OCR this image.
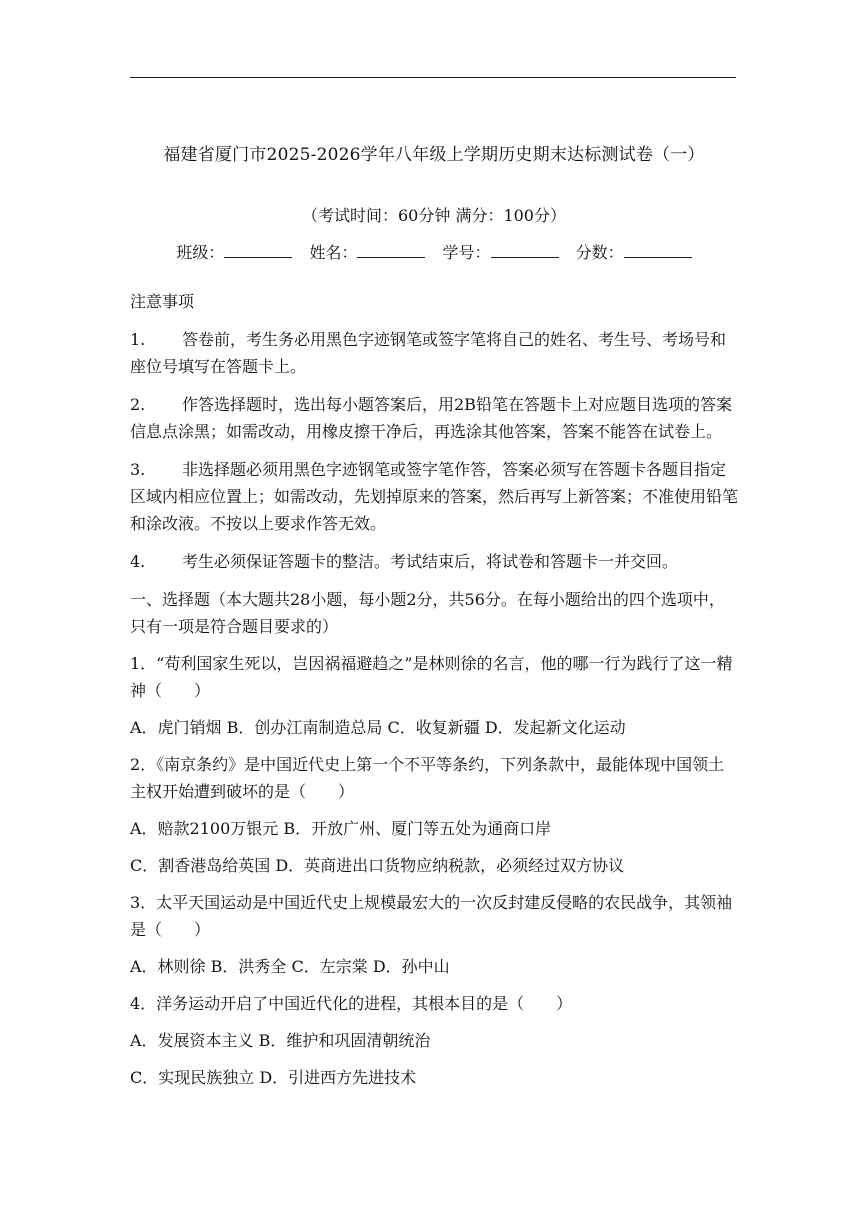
福建省厦门市2025-2026学年八年级上学期历史期末达标测试卷（一）
（考试时间：60分钟 满分：100分）
班级：	姓名：	学号：	分数：

注意事项

1. 答卷前，考生务必用黑色字迹钢笔或签字笔将自己的姓名、考生号、考场号和座位号填写在答题卡上。

2. 作答选择题时，选出每小题答案后，用2B铅笔在答题卡上对应题目选项的答案信息点涂黑；如需改动，用橡皮擦干净后，再选涂其他答案，答案不能答在试卷上。

3. 非选择题必须用黑色字迹钢笔或签字笔作答，答案必须写在答题卡各题目指定区域内相应位置上；如需改动，先划掉原来的答案，然后再写上新答案；不准使用铅笔和涂改液。不按以上要求作答无效。

4. 考生必须保证答题卡的整洁。考试结束后，将试卷和答题卡一并交回。

一、选择题（本大题共28小题，每小题2分，共56分。在每小题给出的四个选项中，只有一项是符合题目要求的）

1．“苟利国家生死以，岂因祸福避趋之”是林则徐的名言，他的哪一行为践行了这一精神（　　）

A．虎门销烟 B．创办江南制造总局 C．收复新疆 D．发起新文化运动

2．《南京条约》是中国近代史上第一个不平等条约，下列条款中，最能体现中国领土主权开始遭到破坏的是（　　）

A．赔款2100万银元 B．开放广州、厦门等五处为通商口岸

C．割香港岛给英国 D．英商进出口货物应纳税款，必须经过双方协议

3．太平天国运动是中国近代史上规模最宏大的一次反封建反侵略的农民战争，其领袖是（　　）

A．林则徐 B．洪秀全 C．左宗棠 D．孙中山

4．洋务运动开启了中国近代化的进程，其根本目的是（　　）

A．发展资本主义 B．维护和巩固清朝统治

C．实现民族独立 D．引进西方先进技术
